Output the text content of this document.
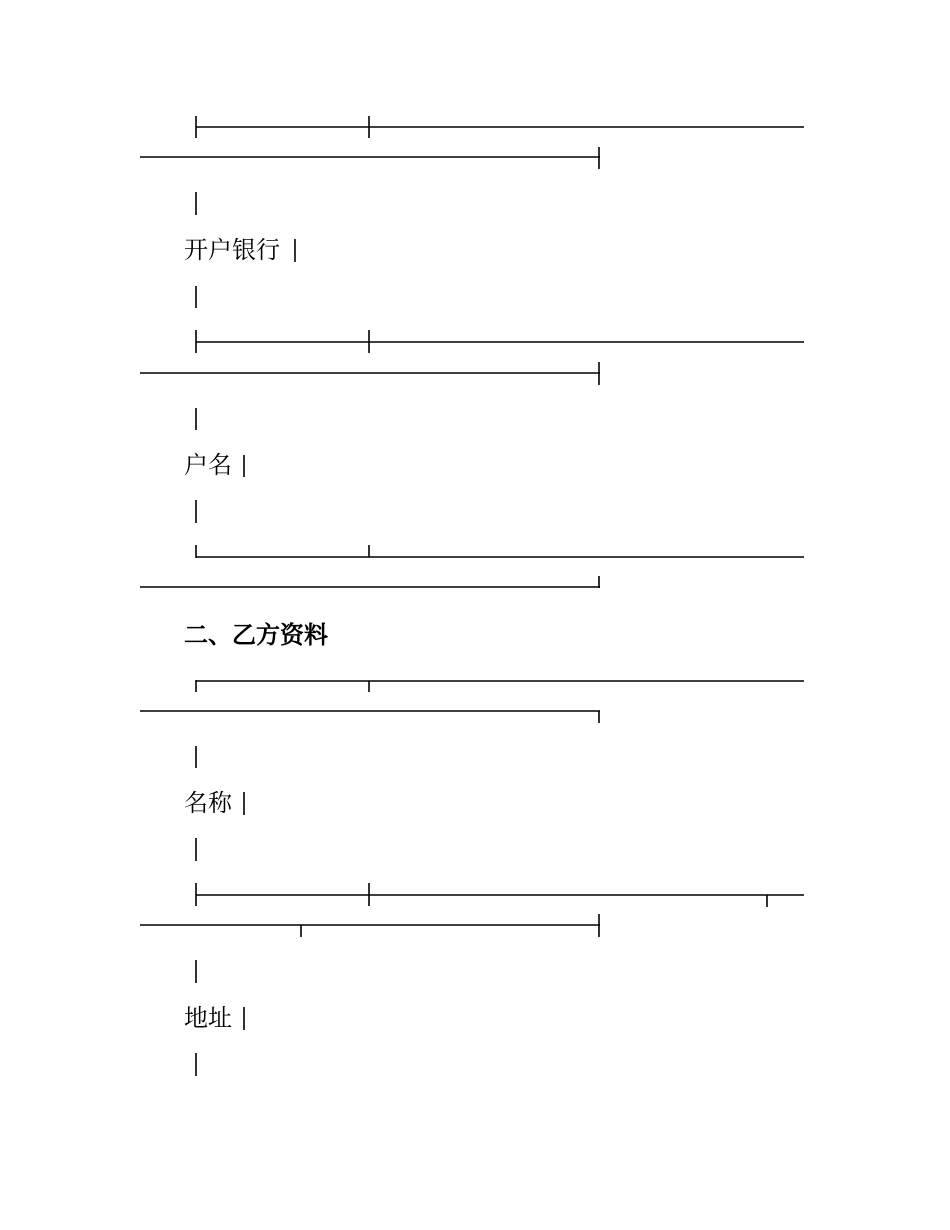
开户银行
户名
二、乙方资料
名称
地址
